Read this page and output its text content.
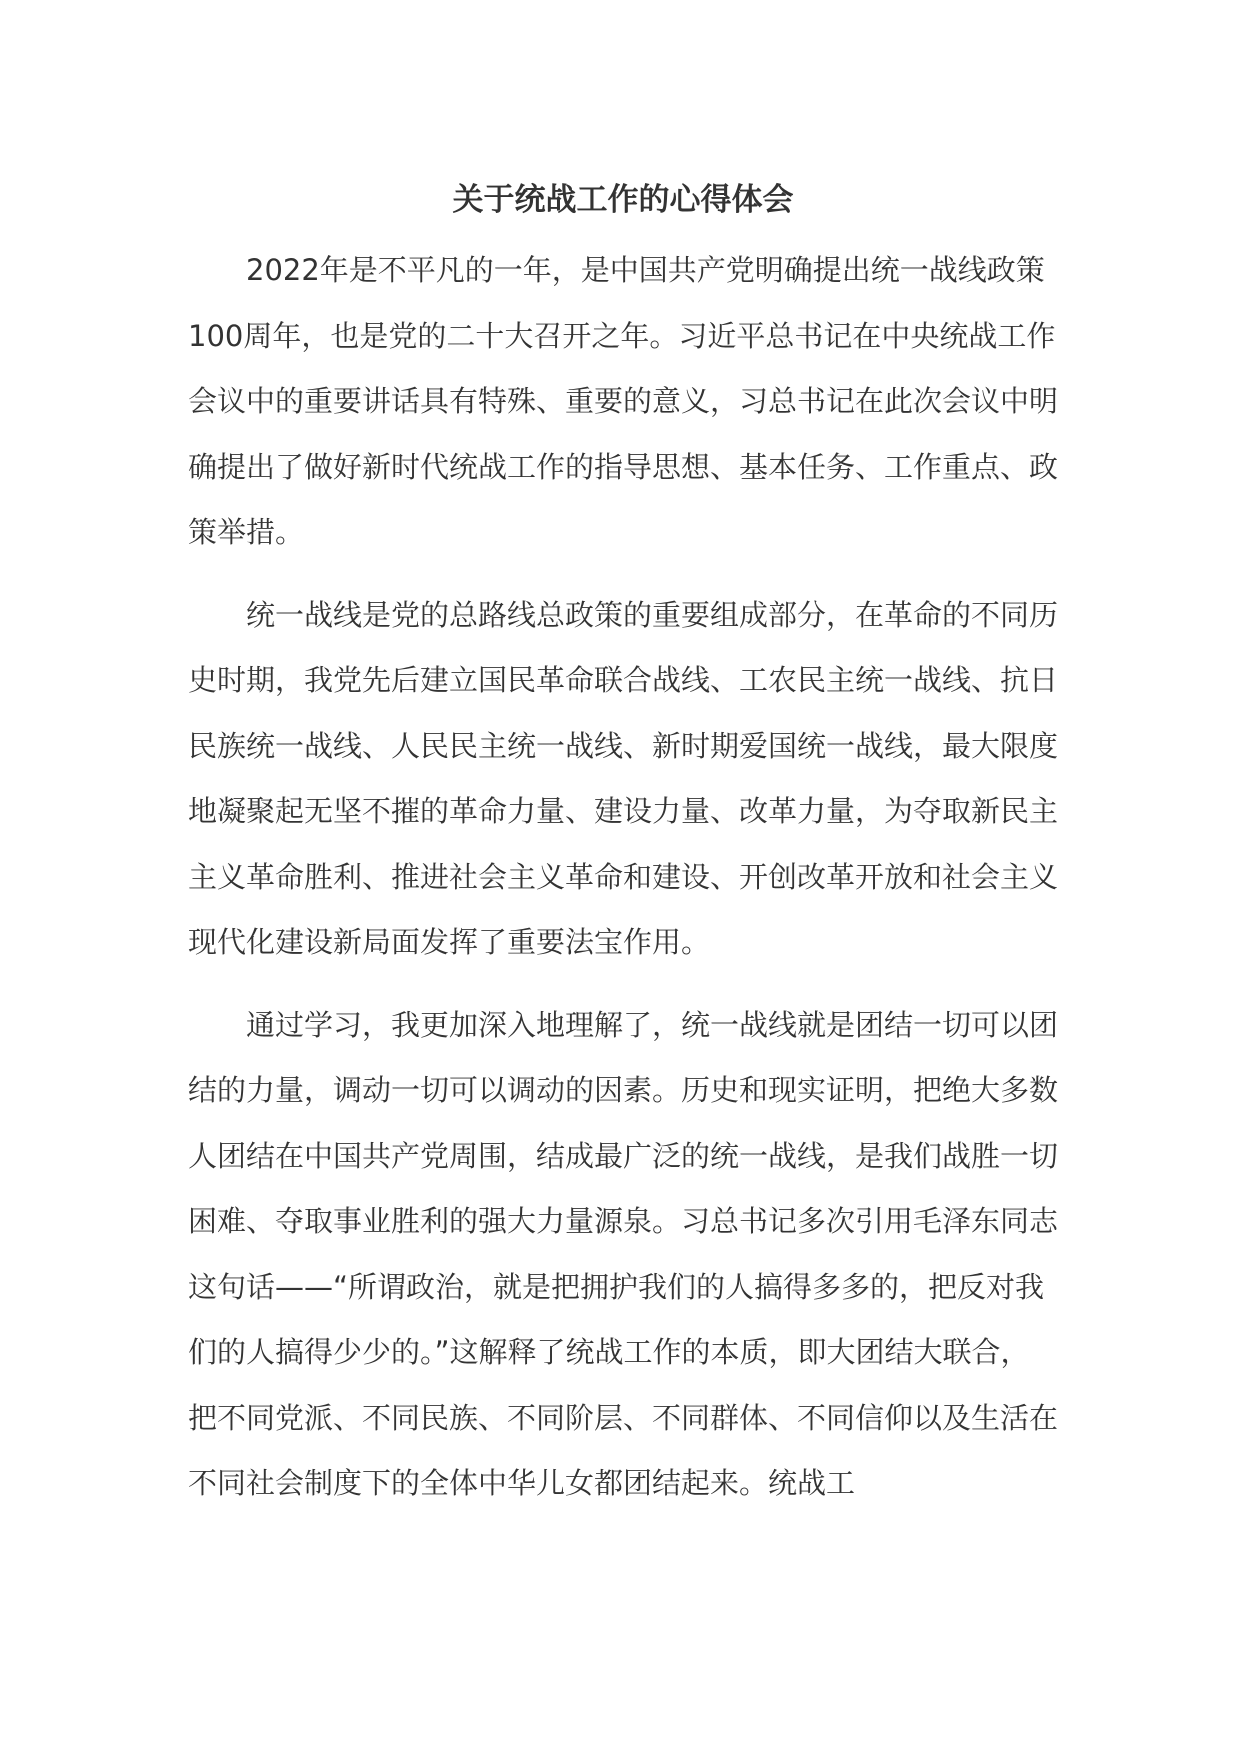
关于统战工作的心得体会

2022年是不平凡的一年，是中国共产党明确提出统一战线政策100周年，也是党的二十大召开之年。习近平总书记在中央统战工作会议中的重要讲话具有特殊、重要的意义，习总书记在此次会议中明确提出了做好新时代统战工作的指导思想、基本任务、工作重点、政策举措。

统一战线是党的总路线总政策的重要组成部分，在革命的不同历史时期，我党先后建立国民革命联合战线、工农民主统一战线、抗日民族统一战线、人民民主统一战线、新时期爱国统一战线，最大限度地凝聚起无坚不摧的革命力量、建设力量、改革力量，为夺取新民主主义革命胜利、推进社会主义革命和建设、开创改革开放和社会主义现代化建设新局面发挥了重要法宝作用。

通过学习，我更加深入地理解了，统一战线就是团结一切可以团结的力量，调动一切可以调动的因素。历史和现实证明，把绝大多数人团结在中国共产党周围，结成最广泛的统一战线，是我们战胜一切困难、夺取事业胜利的强大力量源泉。习总书记多次引用毛泽东同志这句话——“所谓政治，就是把拥护我们的人搞得多多的，把反对我们的人搞得少少的。”这解释了统战工作的本质，即大团结大联合，把不同党派、不同民族、不同阶层、不同群体、不同信仰以及生活在不同社会制度下的全体中华儿女都团结起来。统战工
